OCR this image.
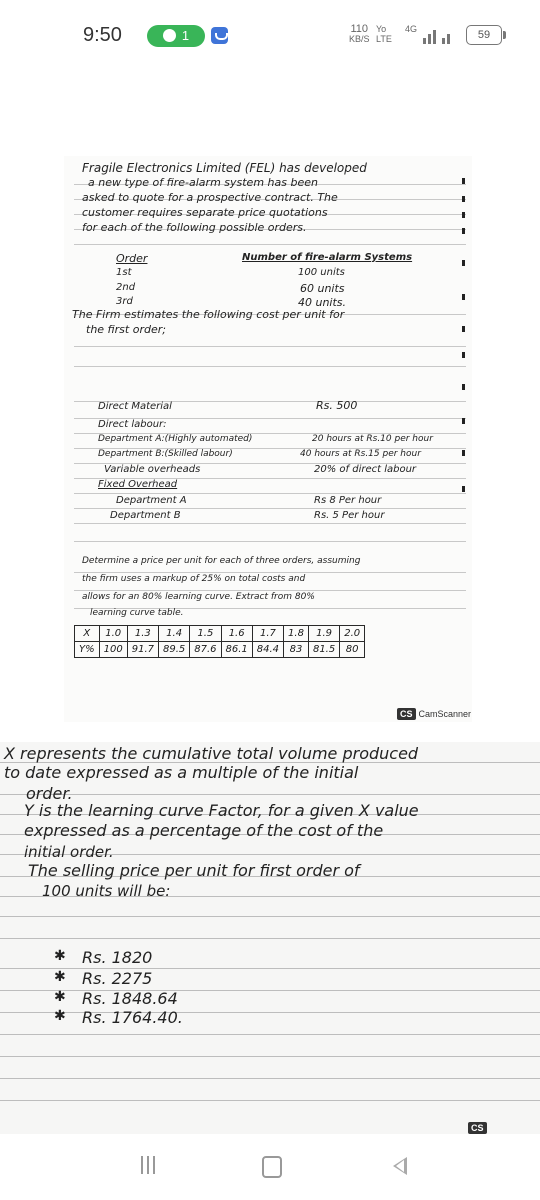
9:50	1	110
KB/S
Yo
LTE
4G	59
Fragile Electronics Limited (FEL) has developed
a new type of fire-alarm system has been
asked to quote for a prospective contract. The
customer requires separate price quotations
for each of the following possible orders.
Order	Number of fire-alarm Systems
1st	100 units
2nd	60 units
3rd	40 units.
The Firm estimates the following cost per unit for
the first order;
Direct Material	Rs. 500
Direct labour:
Department A:(Highly automated)	20 hours at Rs.10 per hour
Department B:(Skilled labour)	40 hours at Rs.15 per hour
Variable overheads	20% of direct labour
Fixed Overhead
Department A	Rs 8 Per hour
Department B	Rs. 5 Per hour
Determine a price per unit for each of three orders, assuming
the firm uses a markup of 25% on total costs and
allows for an 80% learning curve. Extract from 80%
learning curve table.
X	1.0	1.3	1.4	1.5	1.6	1.7	1.8	1.9	2.0
Y%	100	91.7	89.5	87.6	86.1	84.4	83	81.5	80
CS CamScanner
X represents the cumulative total volume produced
to date expressed as a multiple of the initial
order.
Y is the learning curve Factor, for a given X value
expressed as a percentage of the cost of the
initial order.
The selling price per unit for first order of
100 units will be:
✱ Rs. 1820
✱ Rs. 2275
✱ Rs. 1848.64
✱ Rs. 1764.40.
CS
